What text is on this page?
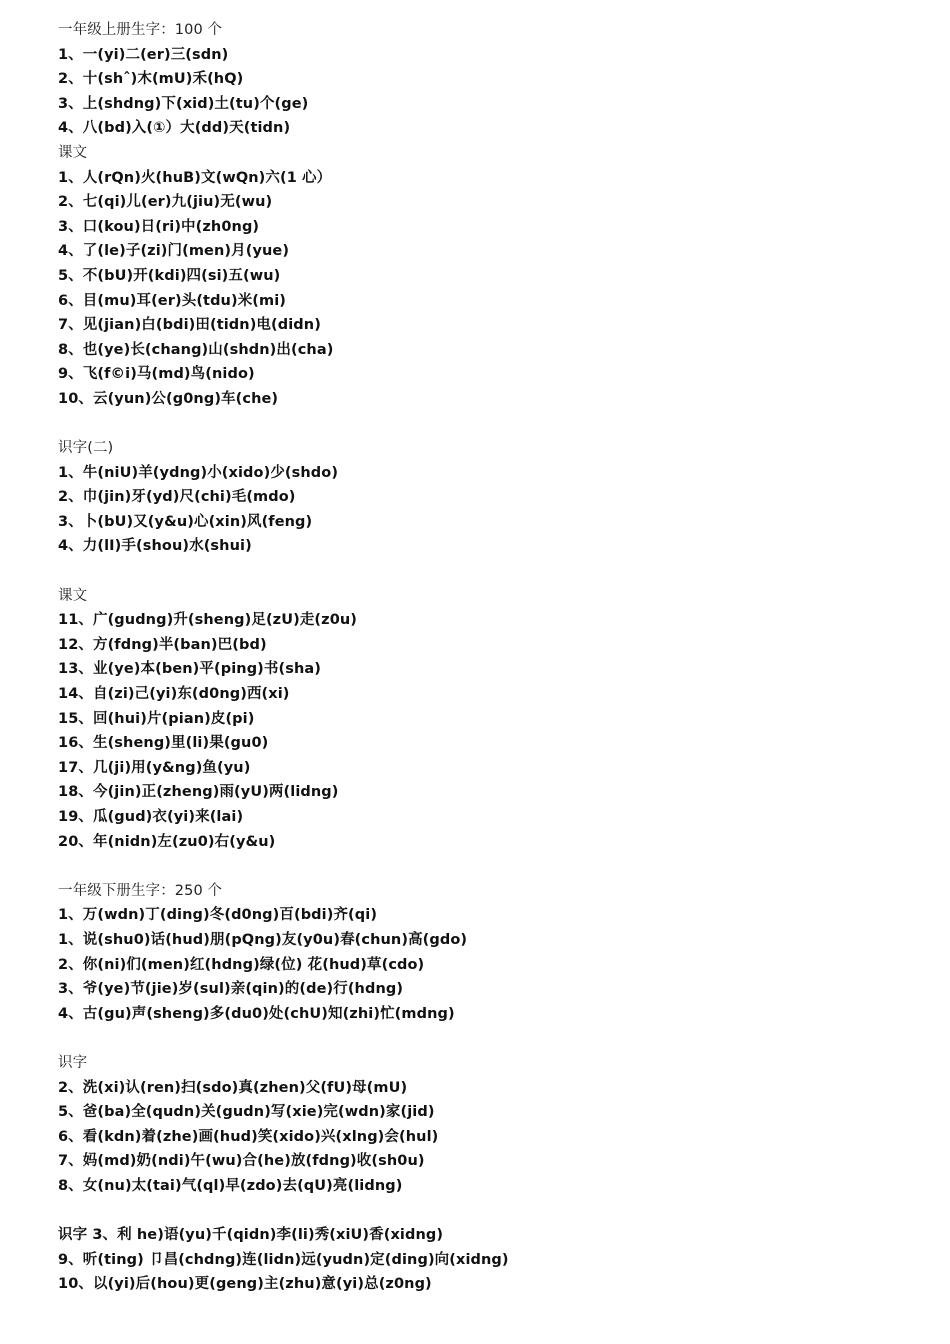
一年级上册生字：100 个
1、一(yi)二(er)三(sdn)
2、十(shˆ)木(mU)禾(hQ)
3、上(shdng)下(xid)土(tu)个(ge)
4、八(bd)入(①）大(dd)天(tidn)
课文
1、人(rQn)火(huB)文(wQn)六(1 心）
2、七(qi)儿(er)九(jiu)无(wu)
3、口(kou)日(ri)中(zh0ng)
4、了(le)子(zi)门(men)月(yue)
5、不(bU)开(kdi)四(si)五(wu)
6、目(mu)耳(er)头(tdu)米(mi)
7、见(jian)白(bdi)田(tidn)电(didn)
8、也(ye)长(chang)山(shdn)出(cha)
9、飞(f©i)马(md)鸟(nido)
10、云(yun)公(g0ng)车(che)
识字(二)
1、牛(niU)羊(ydng)小(xido)少(shdo)
2、巾(jin)牙(yd)尺(chi)毛(mdo)
3、卜(bU)又(y&u)心(xin)风(feng)
4、力(lI)手(shou)水(shui)
课文
11、广(gudng)升(sheng)足(zU)走(z0u)
12、方(fdng)半(ban)巴(bd)
13、业(ye)本(ben)平(ping)书(sha)
14、自(zi)己(yi)东(d0ng)西(xi)
15、回(hui)片(pian)皮(pi)
16、生(sheng)里(li)果(gu0)
17、几(ji)用(y&ng)鱼(yu)
18、今(jin)正(zheng)雨(yU)两(lidng)
19、瓜(gud)衣(yi)来(lai)
20、年(nidn)左(zu0)右(y&u)
一年级下册生字：250 个
1、万(wdn)丁(ding)冬(d0ng)百(bdi)齐(qi)
1、说(shu0)话(hud)朋(pQng)友(y0u)春(chun)高(gdo)
2、你(ni)们(men)红(hdng)绿(位) 花(hud)草(cdo)
3、爷(ye)节(jie)岁(sul)亲(qin)的(de)行(hdng)
4、古(gu)声(sheng)多(du0)处(chU)知(zhi)忙(mdng)
识字
2、洗(xi)认(ren)扫(sdo)真(zhen)父(fU)母(mU)
5、爸(ba)全(qudn)关(gudn)写(xie)完(wdn)家(jid)
6、看(kdn)着(zhe)画(hud)笑(xido)兴(xlng)会(hul)
7、妈(md)奶(ndi)午(wu)合(he)放(fdng)收(sh0u)
8、女(nu)太(tai)气(ql)早(zdo)去(qU)亮(lidng)
识字 3、利 he)语(yu)千(qidn)李(li)秀(xiU)香(xidng)
9、听(ting) 卩昌(chdng)连(lidn)远(yudn)定(ding)向(xidng)
10、以(yi)后(hou)更(geng)主(zhu)意(yi)总(z0ng)
